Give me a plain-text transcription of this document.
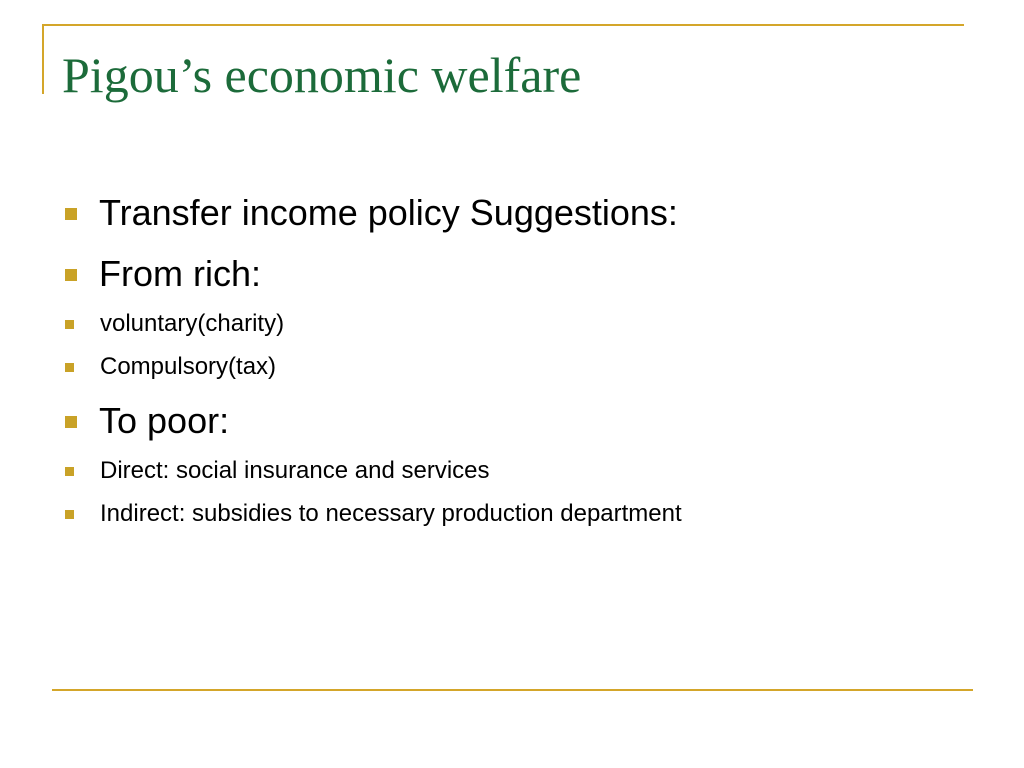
Pigou’s economic welfare
Transfer income policy Suggestions:
From rich:
voluntary(charity)
Compulsory(tax)
To poor:
Direct: social insurance and services
Indirect: subsidies to necessary production department
